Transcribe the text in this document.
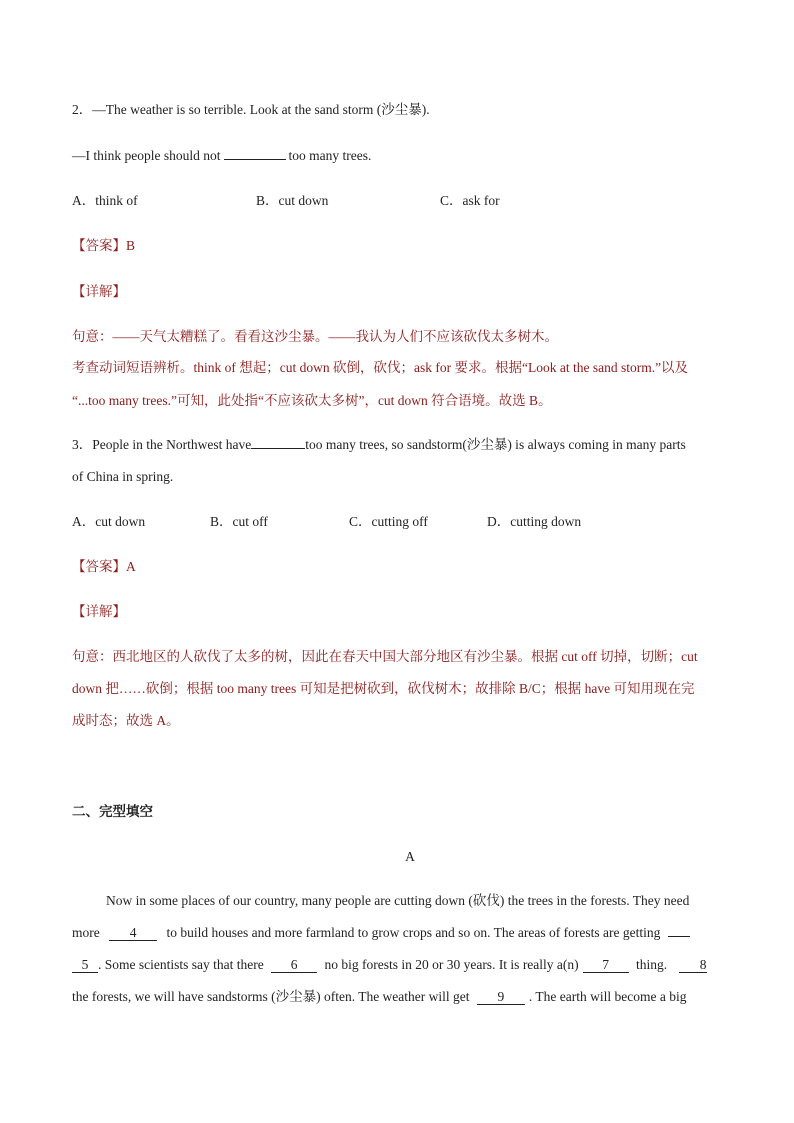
2．—The weather is so terrible. Look at the sand storm (沙尘暴).
—I think people should not	too many trees.
A．think of	B．cut down	C．ask for
【答案】B
【详解】
句意：——天气太糟糕了。看看这沙尘暴。——我认为人们不应该砍伐太多树木。
考查动词短语辨析。think of 想起；cut down 砍倒，砍伐；ask for 要求。根据“Look at the sand storm.”以及
“...too many trees.”可知，此处指“不应该砍太多树”，cut down 符合语境。故选 B。
3．People in the Northwest have	too many trees, so sandstorm(沙尘暴) is always coming in many parts
of China in spring.
A．cut down	B．cut off	C．cutting off	D．cutting down
【答案】A
【详解】
句意：西北地区的人砍伐了太多的树，因此在春天中国大部分地区有沙尘暴。根据 cut off 切掉，切断；cut
down 把……砍倒；根据 too many trees 可知是把树砍到，砍伐树木；故排除 B/C；根据 have 可知用现在完
成时态；故选 A。
二、完型填空
A
Now in some places of our country, many people are cutting down (砍伐) the trees in the forests. They need
more 4 to build houses and more farmland to grow crops and so on. The areas of forests are getting
5 . Some scientists say that there 6 no big forests in 20 or 30 years. It is really a(n) 7 thing. 8
the forests, we will have sandstorms (沙尘暴) often. The weather will get 9 . The earth will become a big
